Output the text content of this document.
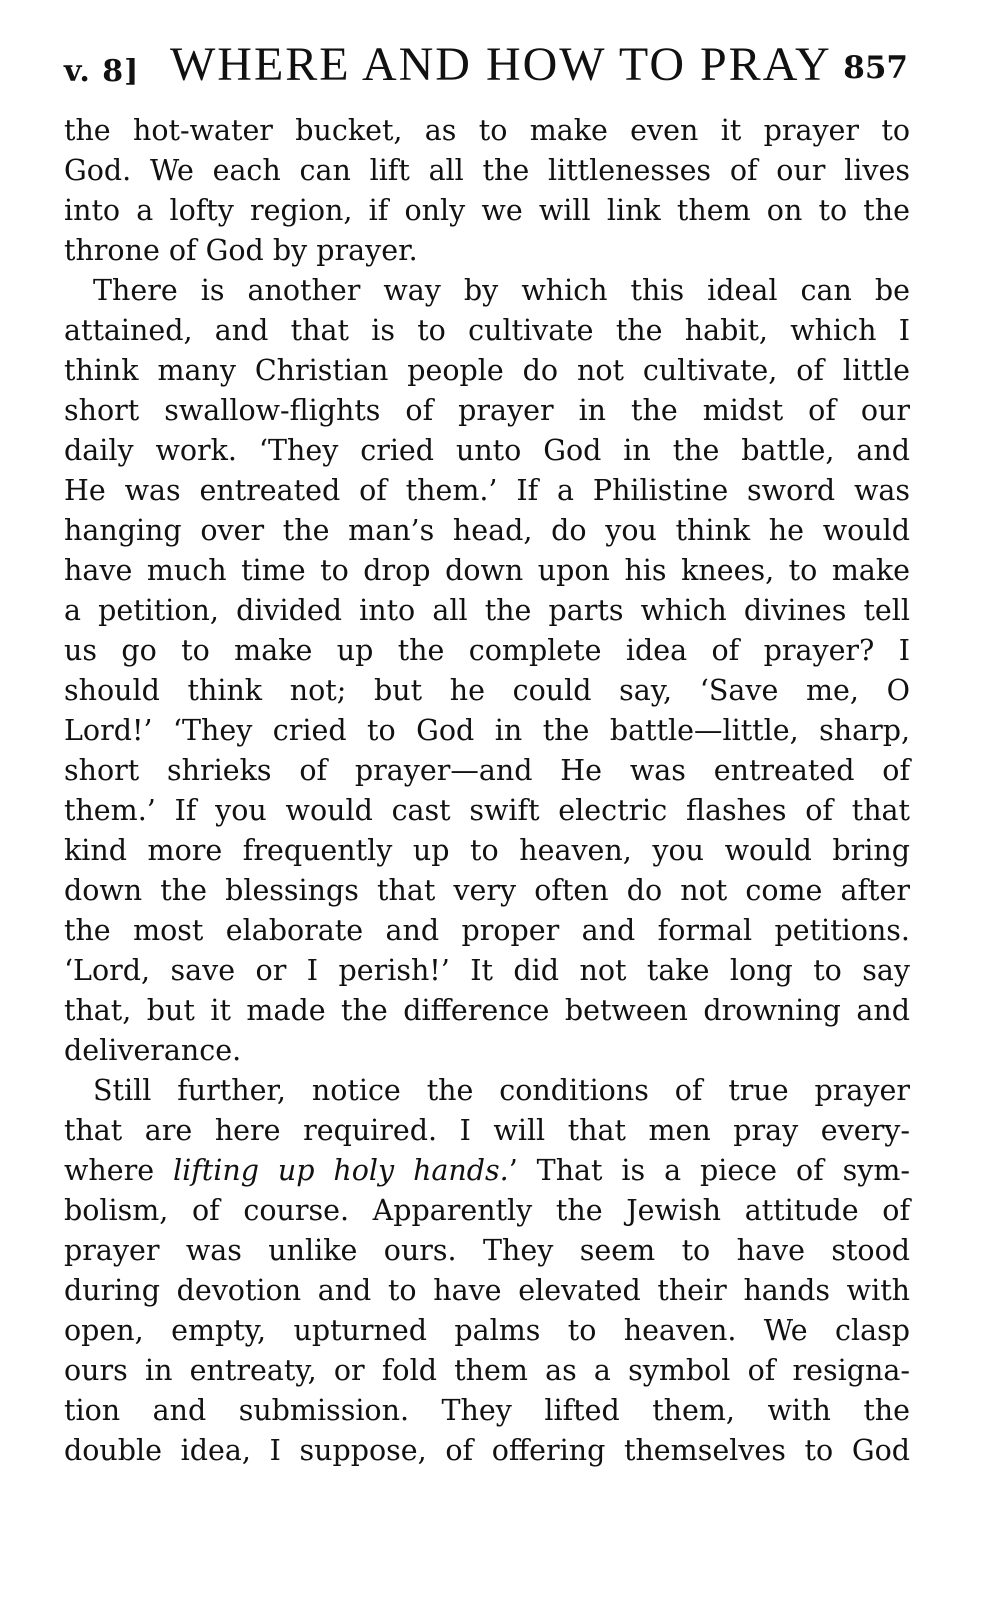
v. 8] WHERE AND HOW TO PRAY 857
the hot-water bucket, as to make even it prayer to
God. We each can lift all the littlenesses of our lives
into a lofty region, if only we will link them on to the
throne of God by prayer.
There is another way by which this ideal can be
attained, and that is to cultivate the habit, which I
think many Christian people do not cultivate, of little
short swallow-flights of prayer in the midst of our
daily work. ‘They cried unto God in the battle, and
He was entreated of them.’ If a Philistine sword was
hanging over the man’s head, do you think he would
have much time to drop down upon his knees, to make
a petition, divided into all the parts which divines tell
us go to make up the complete idea of prayer? I
should think not; but he could say, ‘Save me, O
Lord!’ ‘They cried to God in the battle—little, sharp,
short shrieks of prayer—and He was entreated of
them.’ If you would cast swift electric flashes of that
kind more frequently up to heaven, you would bring
down the blessings that very often do not come after
the most elaborate and proper and formal petitions.
‘Lord, save or I perish!’ It did not take long to say
that, but it made the difference between drowning and
deliverance.
Still further, notice the conditions of true prayer
that are here required. I will that men pray every-
where lifting up holy hands.’ That is a piece of sym-
bolism, of course. Apparently the Jewish attitude of
prayer was unlike ours. They seem to have stood
during devotion and to have elevated their hands with
open, empty, upturned palms to heaven. We clasp
ours in entreaty, or fold them as a symbol of resigna-
tion and submission. They lifted them, with the
double idea, I suppose, of offering themselves to God
